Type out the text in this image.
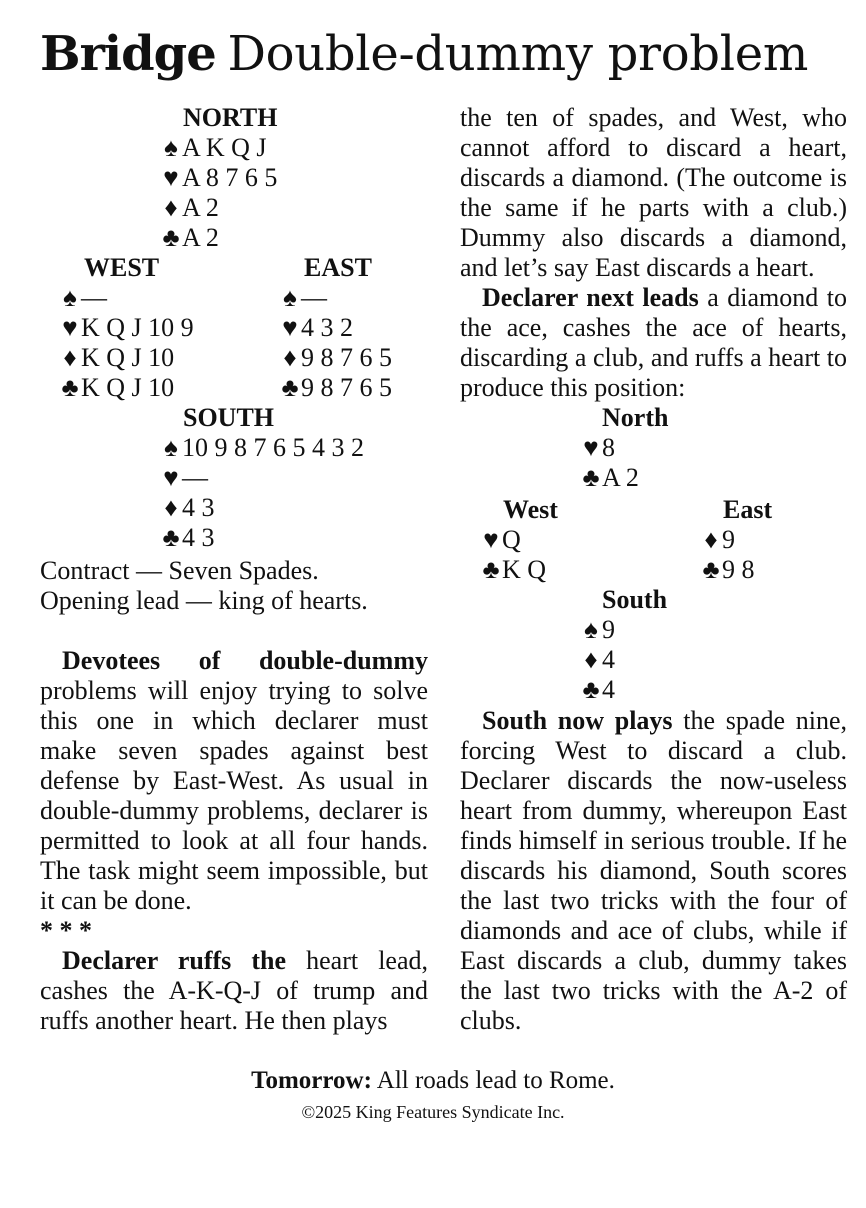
Bridge Double-dummy problem
NORTH
♠ A K Q J
♥ A 8 7 6 5
♦ A 2
♣A 2
WEST	EAST
♠ —
♥ K Q J 10 9
♦ K Q J 10
♣K Q J 10
♠ —
♥ 4 3 2
♦ 9 8 7 6 5
♣9 8 7 6 5
SOUTH
♠ 10 9 8 7 6 5 4 3 2
♥ —
♦ 4 3
♣4 3
Contract — Seven Spades.
Opening lead — king of hearts.

Devotees of double-dummy problems will enjoy trying to solve this one in which declarer must make seven spades against best defense by East-West. As usual in double-dummy problems, declarer is permitted to look at all four hands. The task might seem impossible, but it can be done.

* * *

Declarer ruffs the heart lead, cashes the A-K-Q-J of trump and ruffs another heart. He then plays

the ten of spades, and West, who cannot afford to discard a heart, discards a diamond. (The outcome is the same if he parts with a club.) Dummy also discards a diamond, and let’s say East discards a heart.

Declarer next leads a diamond to the ace, cashes the ace of hearts, discarding a club, and ruffs a heart to produce this position:

North
♥ 8
♣A 2
West	East
♥ Q
♣K Q
♦ 9
♣9 8
South
♠ 9
♦ 4
♣4

South now plays the spade nine, forcing West to discard a club. Declarer discards the now-useless heart from dummy, whereupon East finds himself in serious trouble. If he discards his diamond, South scores the last two tricks with the four of diamonds and ace of clubs, while if East discards a club, dummy takes the last two tricks with the A-2 of clubs.

Tomorrow: All roads lead to Rome.
©2025 King Features Syndicate Inc.
